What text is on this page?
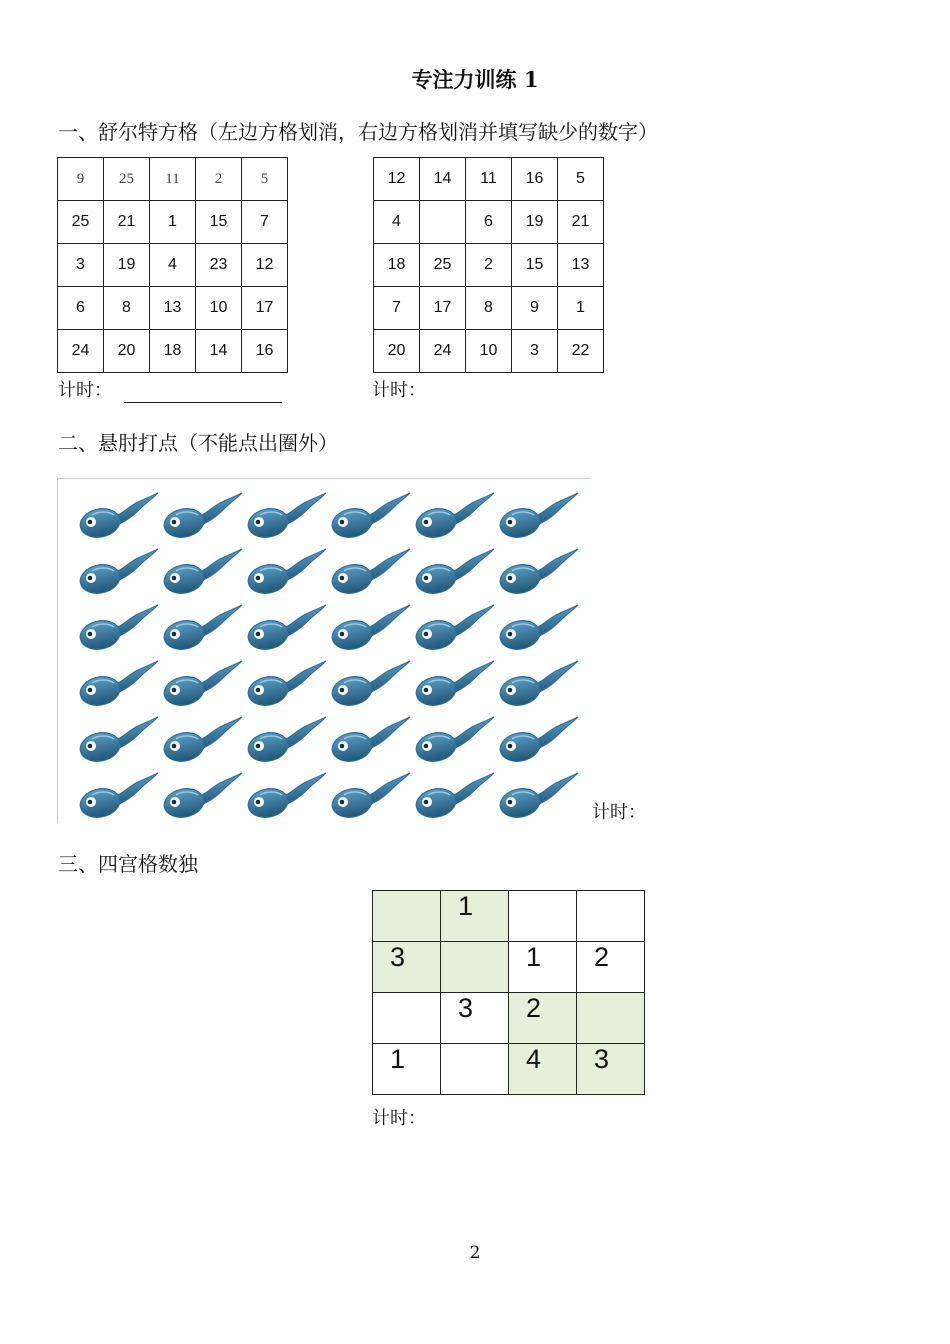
专注力训练 1
一、舒尔特方格（左边方格划消，右边方格划消并填写缺少的数字）
9	25	11	2	5
25	21	1	15	7
3	19	4	23	12
6	8	13	10	17
24	20	18	14	16
12	14	11	16	5
4		6	19	21
18	25	2	15	13
7	17	8	9	1
20	24	10	3	22
计时：	计时：
二、悬肘打点（不能点出圈外）
计时：
三、四宫格数独
	1		
3		1	2
	3	2	
1		4	3
计时：
2
